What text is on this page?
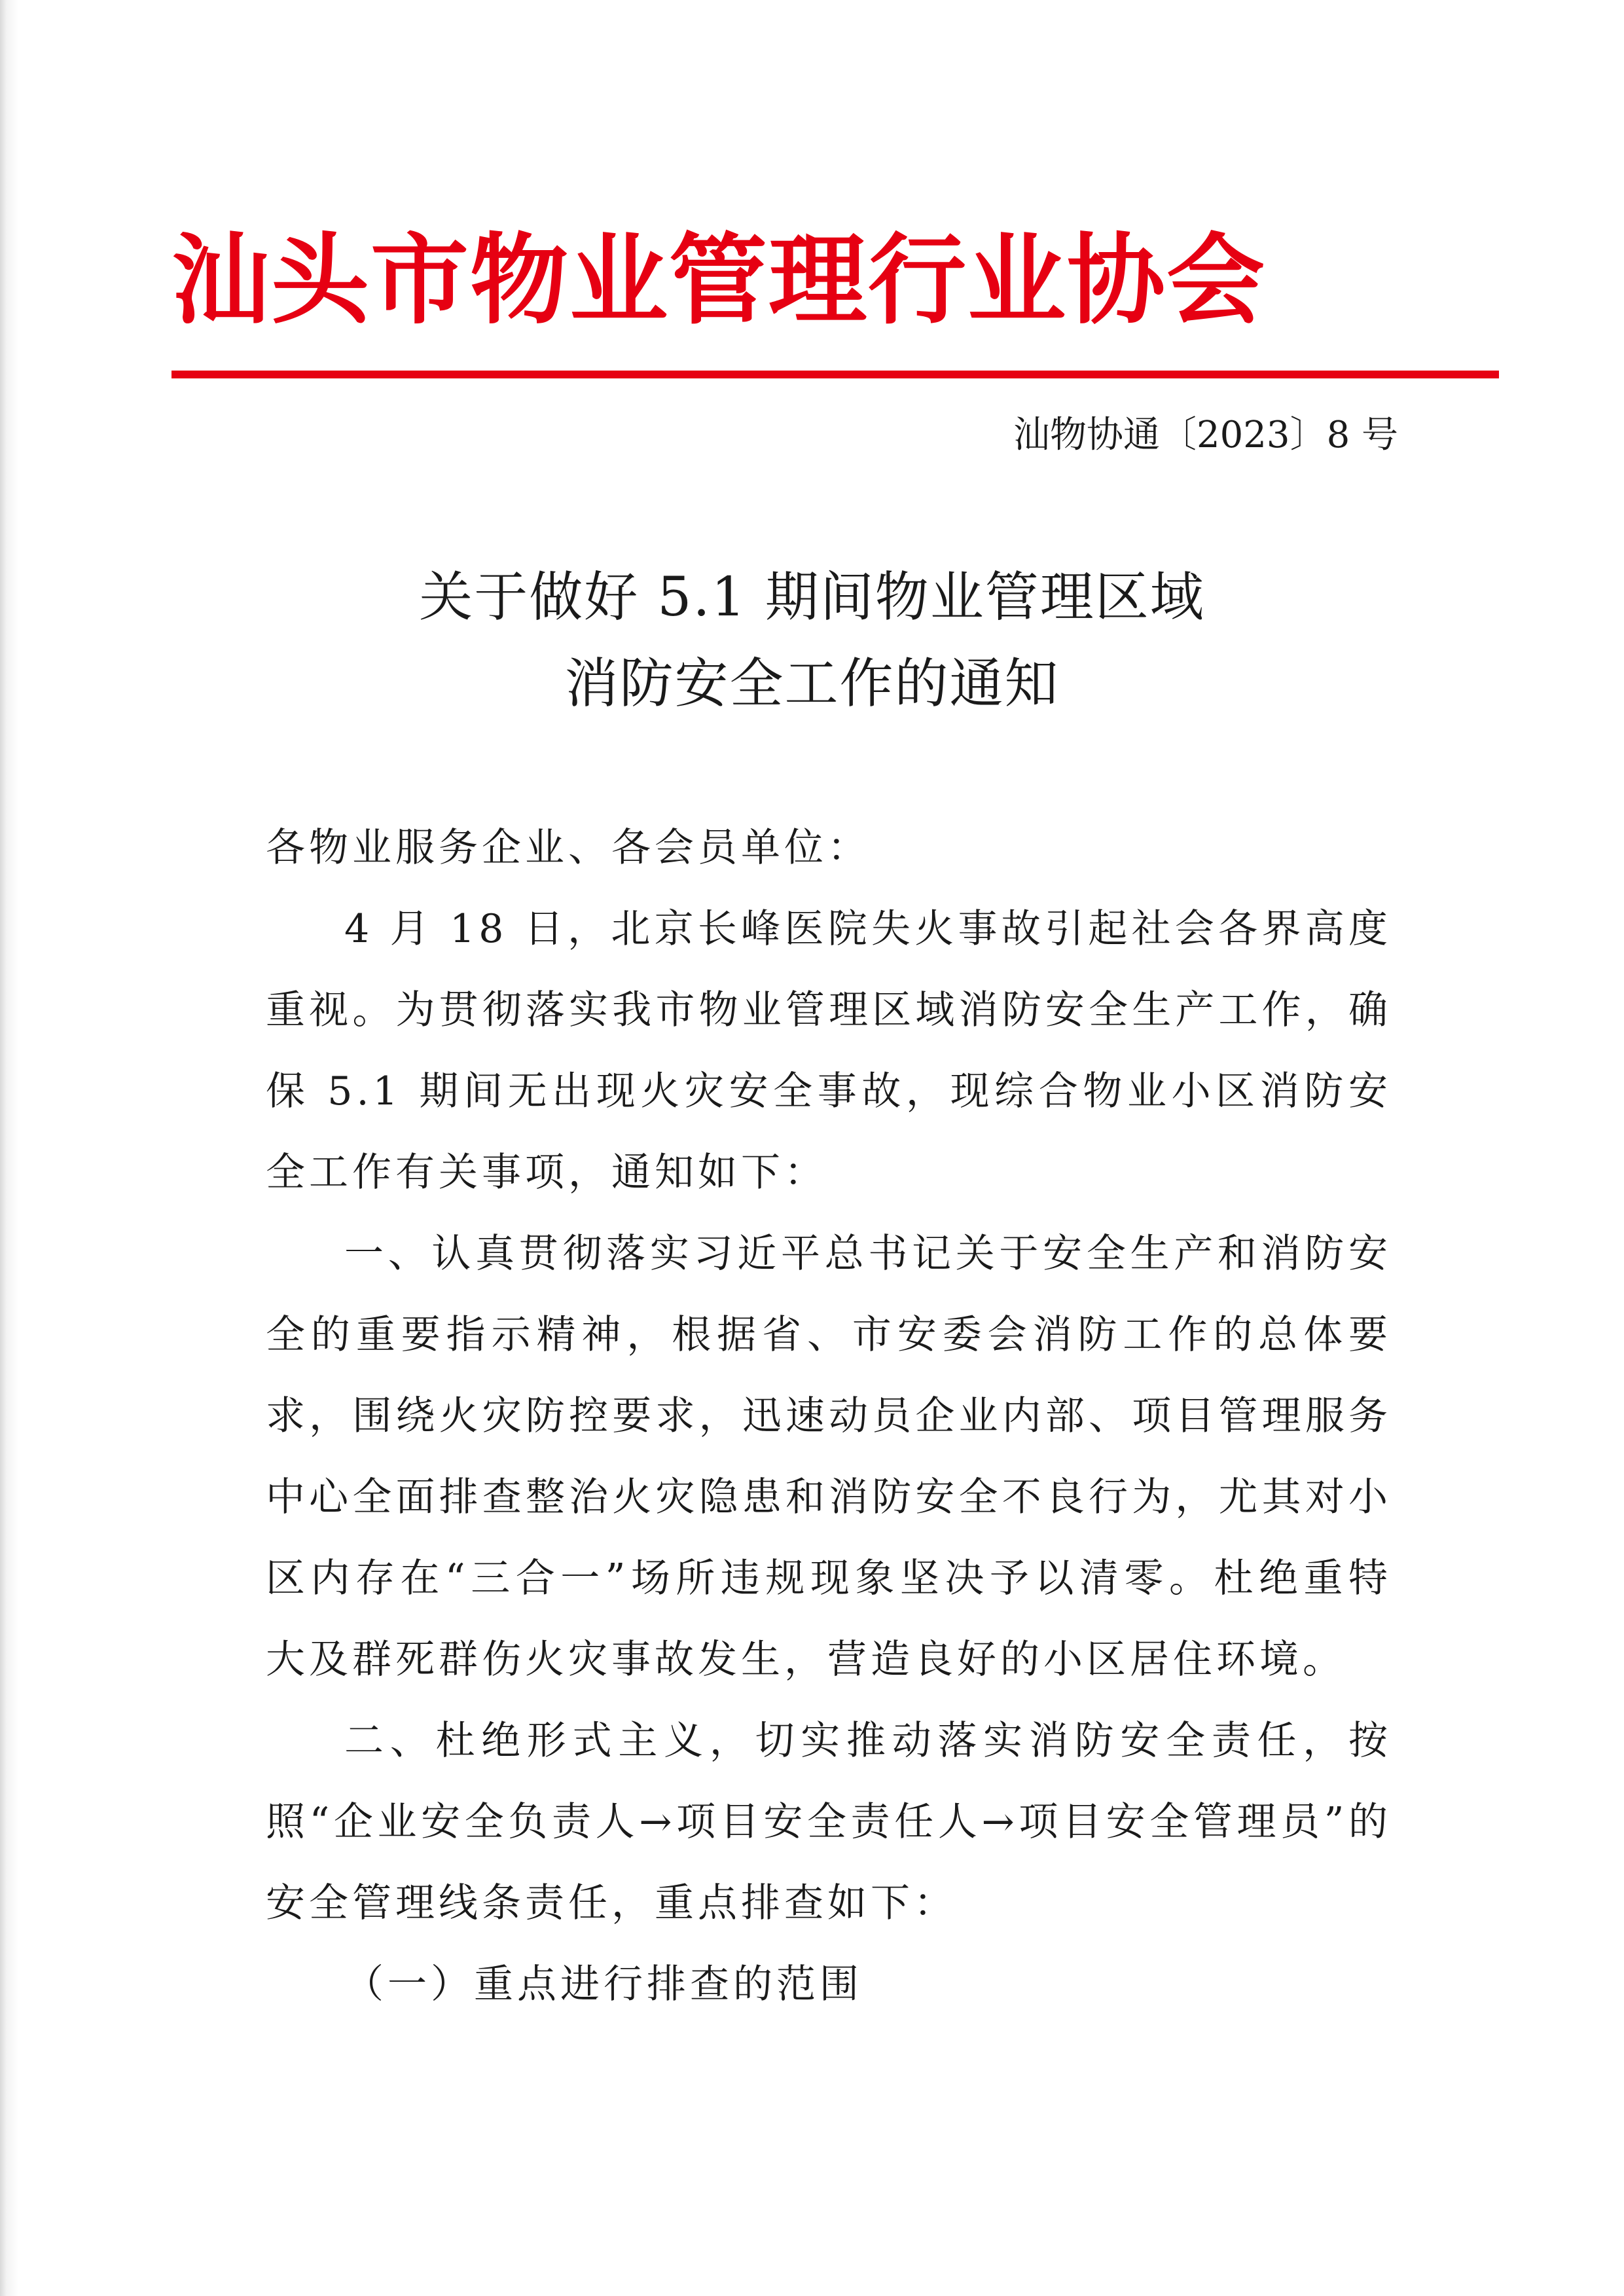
汕头市物业管理行业协会
汕物协通〔2023〕8 号
关于做好 5.1 期间物业管理区域
消防安全工作的通知
各物业服务企业、各会员单位：
4 月 18 日，北京长峰医院失火事故引起社会各界高度重视。为贯彻落实我市物业管理区域消防安全生产工作，确保 5.1 期间无出现火灾安全事故，现综合物业小区消防安全工作有关事项，通知如下：
一、认真贯彻落实习近平总书记关于安全生产和消防安全的重要指示精神，根据省、市安委会消防工作的总体要求，围绕火灾防控要求，迅速动员企业内部、项目管理服务中心全面排查整治火灾隐患和消防安全不良行为，尤其对小区内存在“三合一”场所违规现象坚决予以清零。杜绝重特大及群死群伤火灾事故发生，营造良好的小区居住环境。
二、杜绝形式主义，切实推动落实消防安全责任，按照“企业安全负责人→项目安全责任人→项目安全管理员”的安全管理线条责任，重点排查如下：
（一）重点进行排查的范围
